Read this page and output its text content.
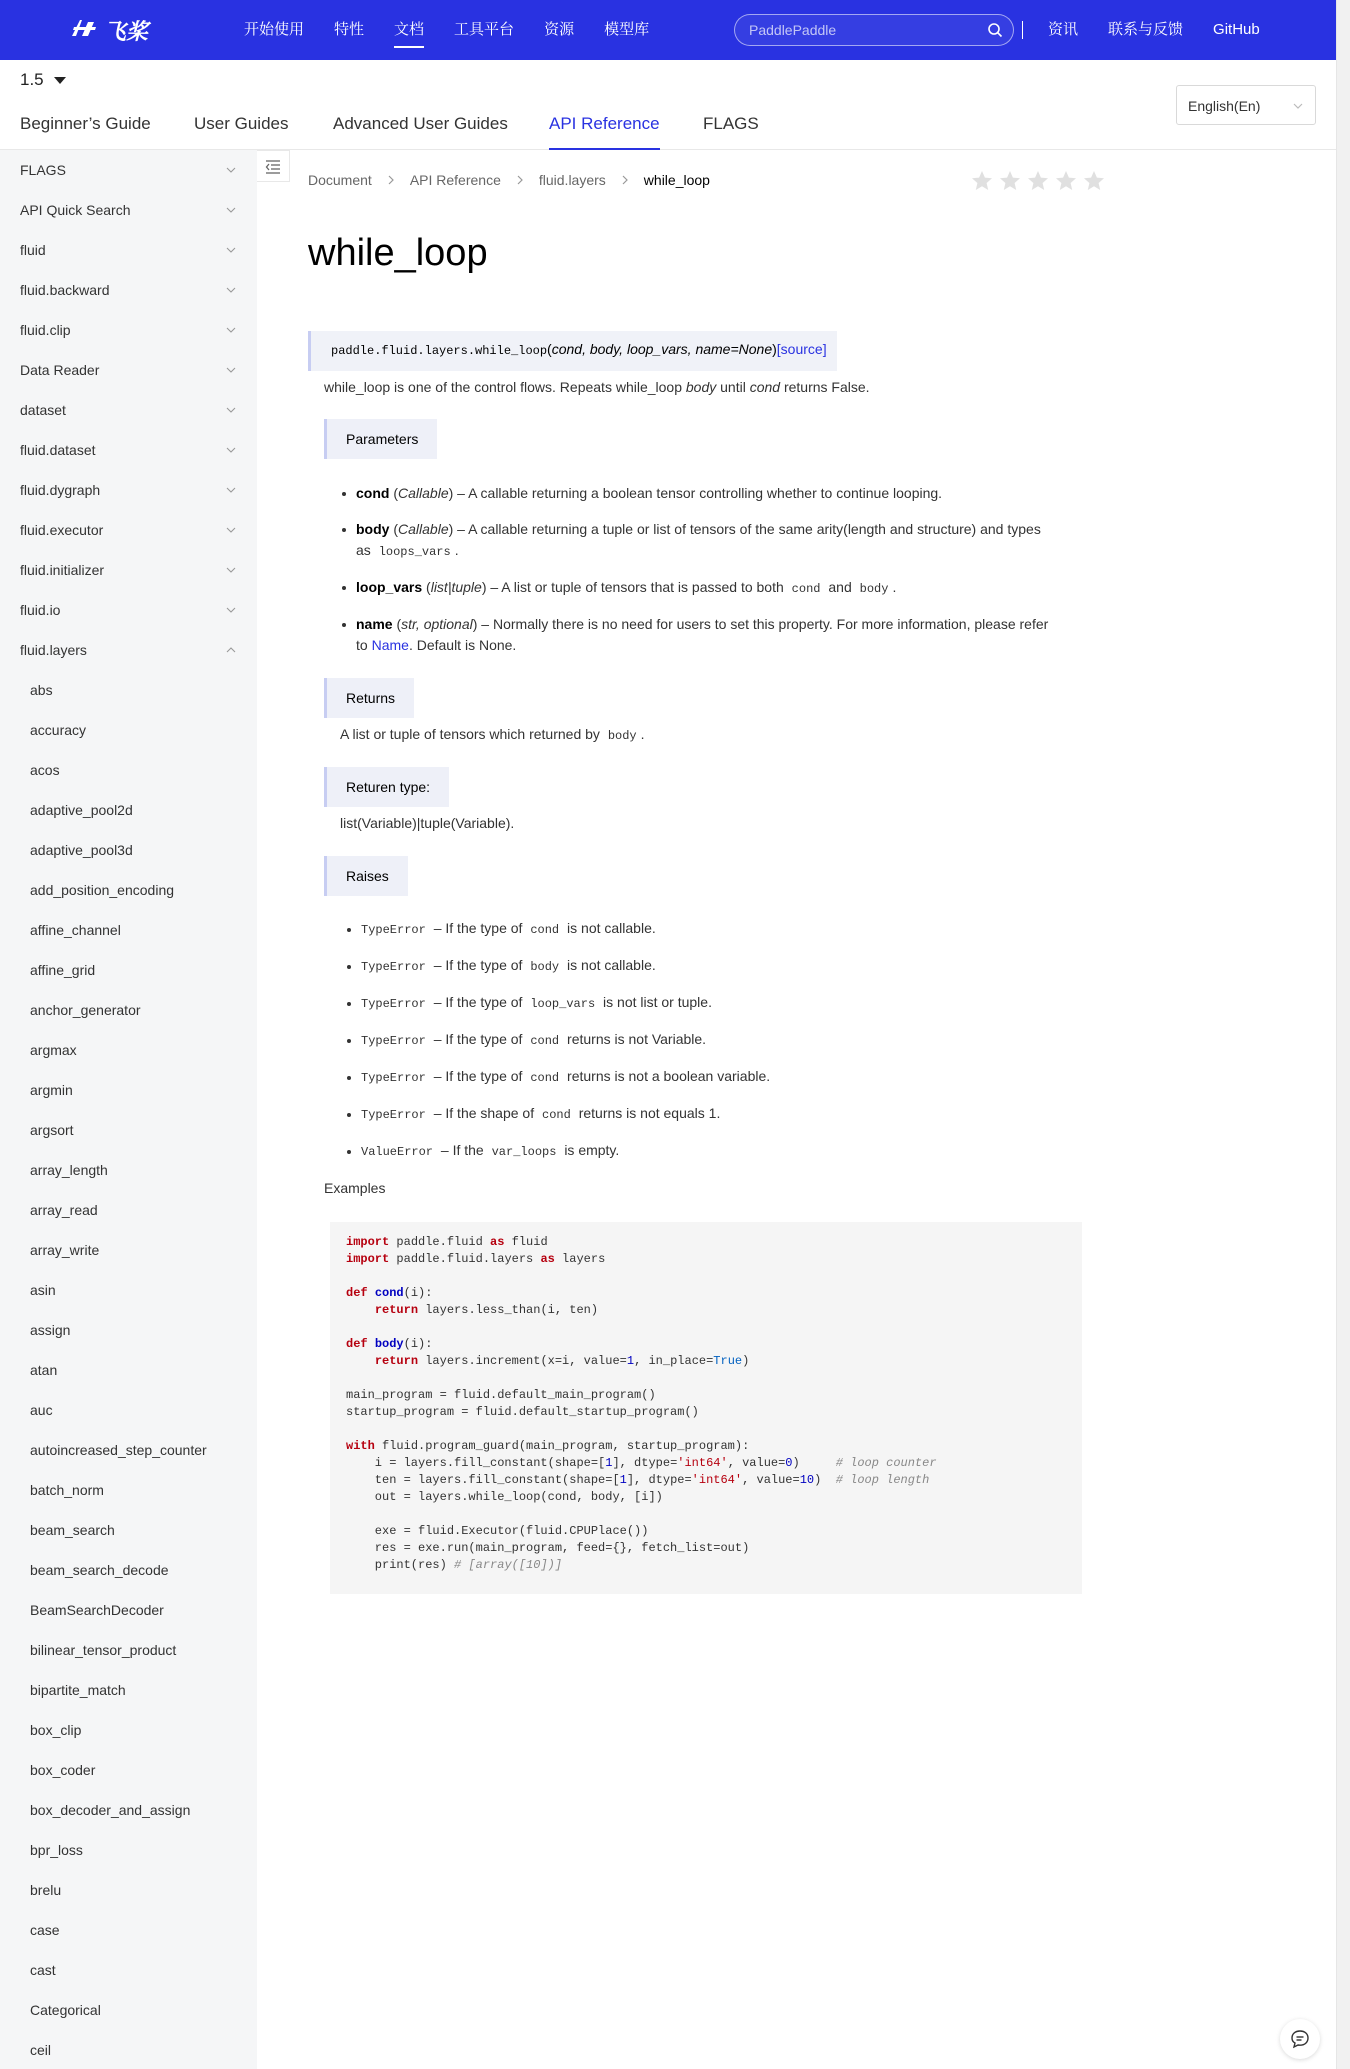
飞桨	开始使用 特性 文档 工具平台 资源 模型库
PaddlePaddle	资讯 联系与反馈 GitHub
1.5
Beginner’s Guide	User Guides	Advanced User Guides API Reference	FLAGS
English(En)
FLAGS
API Quick Search
fluid
fluid.backward
fluid.clip
Data Reader
dataset
fluid.dataset
fluid.dygraph
fluid.executor
fluid.initializer
fluid.io
fluid.layers
abs
accuracy
acos
adaptive_pool2d
adaptive_pool3d
add_position_encoding
affine_channel
affine_grid
anchor_generator
argmax
argmin
argsort
array_length
array_read
array_write
asin
assign
atan
auc
autoincreased_step_counter
batch_norm
beam_search
beam_search_decode
BeamSearchDecoder
bilinear_tensor_product
bipartite_match
box_clip
box_coder
box_decoder_and_assign
bpr_loss
brelu
case
cast
Categorical
ceil
Document	API Reference	fluid.layers	while_loop
while_loop
paddle.fluid.layers.while_loop(cond, body, loop_vars, name=None)[source]
while_loop is one of the control flows. Repeats while_loop body until cond returns False.
Parameters
cond (Callable) – A callable returning a boolean tensor controlling whether to continue looping.
body (Callable) – A callable returning a tuple or list of tensors of the same arity(length and structure) and types as loops_vars .
loop_vars (list|tuple) – A list or tuple of tensors that is passed to both cond and body .
name (str, optional) – Normally there is no need for users to set this property. For more information, please refer to Name. Default is None.
Returns
A list or tuple of tensors which returned by body .
Returen type:
list(Variable)|tuple(Variable).
Raises
TypeError – If the type of cond is not callable.
TypeError – If the type of body is not callable.
TypeError – If the type of loop_vars is not list or tuple.
TypeError – If the type of cond returns is not Variable.
TypeError – If the type of cond returns is not a boolean variable.
TypeError – If the shape of cond returns is not equals 1.
ValueError – If the var_loops is empty.
Examples
import paddle.fluid as fluid
import paddle.fluid.layers as layers

def cond(i):
return layers.less_than(i, ten)

def body(i):
return layers.increment(x=i, value=1, in_place=True)

main_program = fluid.default_main_program()
startup_program = fluid.default_startup_program()

with fluid.program_guard(main_program, startup_program):
i = layers.fill_constant(shape=[1], dtype='int64', value=0)     # loop counter
ten = layers.fill_constant(shape=[1], dtype='int64', value=10)  # loop length
out = layers.while_loop(cond, body, [i])

exe = fluid.Executor(fluid.CPUPlace())
res = exe.run(main_program, feed={}, fetch_list=out)
print(res) # [array([10])]
